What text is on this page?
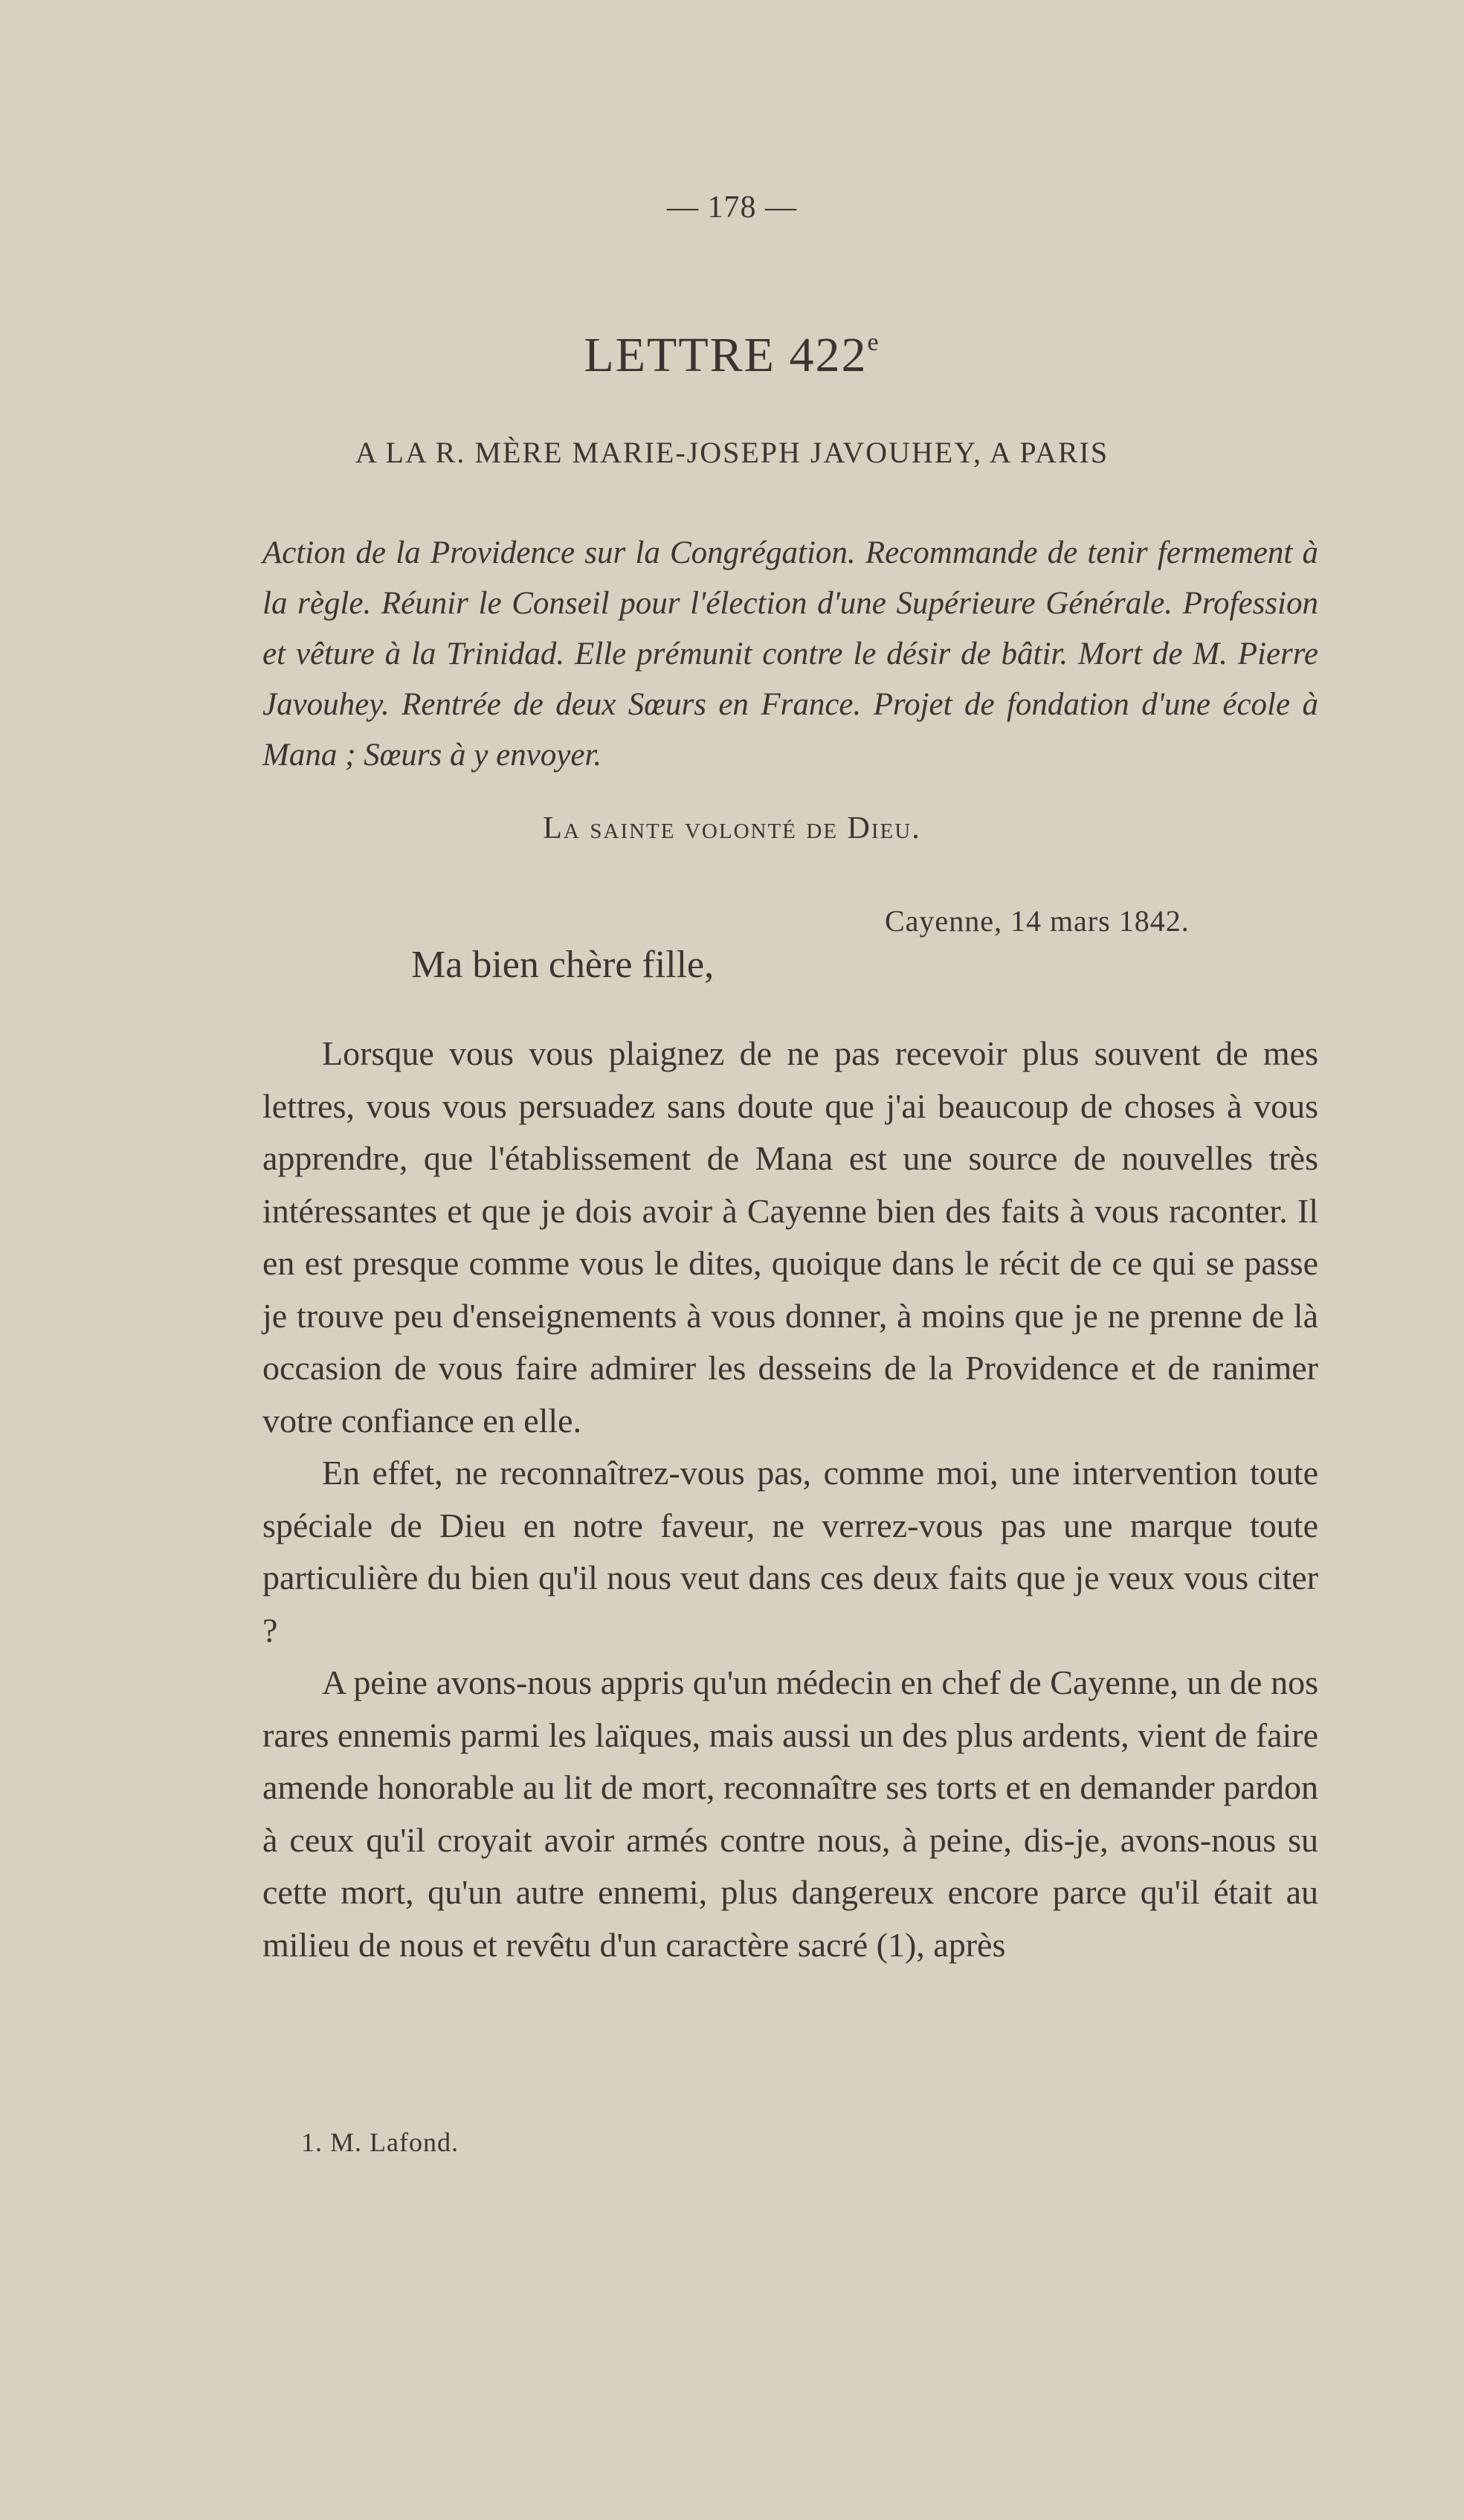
— 178 —
LETTRE 422e
A LA R. MÈRE MARIE-JOSEPH JAVOUHEY, A PARIS
Action de la Providence sur la Congrégation. Recommande de tenir fermement à la règle. Réunir le Conseil pour l'élection d'une Supérieure Générale. Profession et vêture à la Trinidad. Elle prémunit contre le désir de bâtir. Mort de M. Pierre Javouhey. Rentrée de deux Sœurs en France. Projet de fondation d'une école à Mana ; Sœurs à y envoyer.
La sainte volonté de Dieu.
Cayenne, 14 mars 1842.
Ma bien chère fille,

Lorsque vous vous plaignez de ne pas recevoir plus souvent de mes lettres, vous vous persuadez sans doute que j'ai beaucoup de choses à vous apprendre, que l'établissement de Mana est une source de nouvelles très intéressantes et que je dois avoir à Cayenne bien des faits à vous raconter. Il en est presque comme vous le dites, quoique dans le récit de ce qui se passe je trouve peu d'enseignements à vous donner, à moins que je ne prenne de là occasion de vous faire admirer les desseins de la Providence et de ranimer votre confiance en elle.

En effet, ne reconnaîtrez-vous pas, comme moi, une intervention toute spéciale de Dieu en notre faveur, ne verrez-vous pas une marque toute particulière du bien qu'il nous veut dans ces deux faits que je veux vous citer ?

A peine avons-nous appris qu'un médecin en chef de Cayenne, un de nos rares ennemis parmi les laïques, mais aussi un des plus ardents, vient de faire amende honorable au lit de mort, reconnaître ses torts et en demander pardon à ceux qu'il croyait avoir armés contre nous, à peine, dis-je, avons-nous su cette mort, qu'un autre ennemi, plus dangereux encore parce qu'il était au milieu de nous et revêtu d'un caractère sacré (1), après

1. M. Lafond.
